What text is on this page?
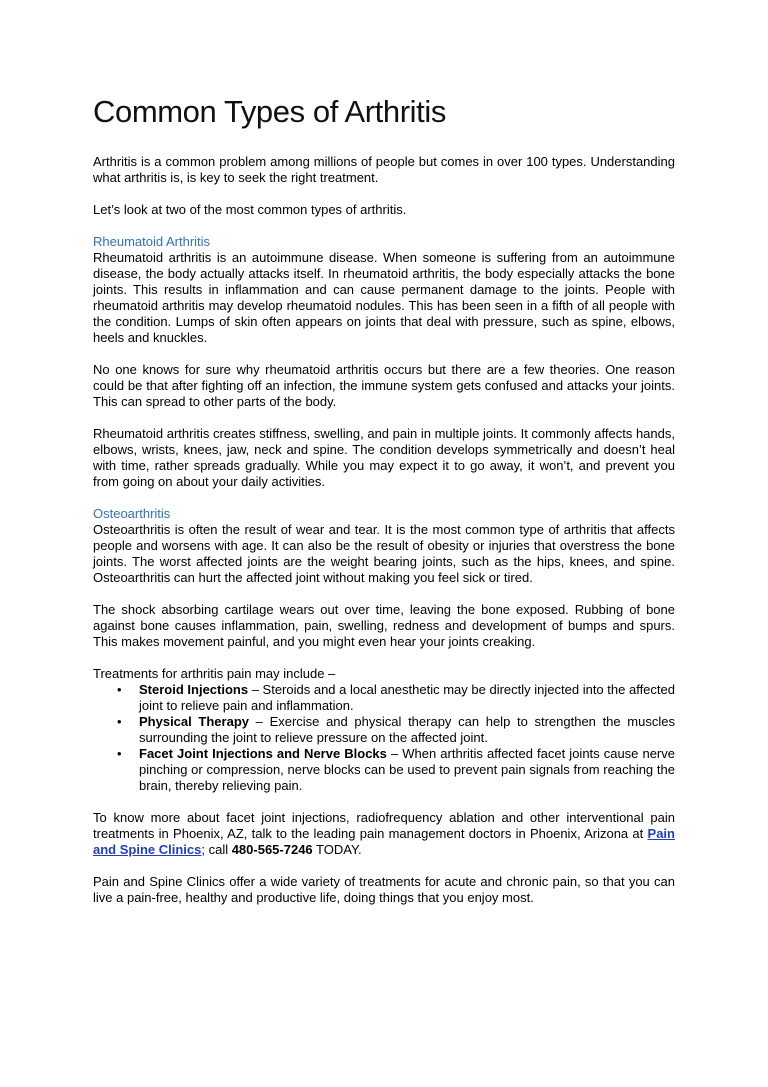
Common Types of Arthritis

Arthritis is a common problem among millions of people but comes in over 100 types. Understanding what arthritis is, is key to seek the right treatment.

Let’s look at two of the most common types of arthritis.

Rheumatoid Arthritis

Rheumatoid arthritis is an autoimmune disease. When someone is suffering from an autoimmune disease, the body actually attacks itself. In rheumatoid arthritis, the body especially attacks the bone joints. This results in inflammation and can cause permanent damage to the joints. People with rheumatoid arthritis may develop rheumatoid nodules. This has been seen in a fifth of all people with the condition. Lumps of skin often appears on joints that deal with pressure, such as spine, elbows, heels and knuckles.

No one knows for sure why rheumatoid arthritis occurs but there are a few theories. One reason could be that after fighting off an infection, the immune system gets confused and attacks your joints. This can spread to other parts of the body.

Rheumatoid arthritis creates stiffness, swelling, and pain in multiple joints. It commonly affects hands, elbows, wrists, knees, jaw, neck and spine. The condition develops symmetrically and doesn’t heal with time, rather spreads gradually. While you may expect it to go away, it won’t, and prevent you from going on about your daily activities.

Osteoarthritis

Osteoarthritis is often the result of wear and tear. It is the most common type of arthritis that affects people and worsens with age. It can also be the result of obesity or injuries that overstress the bone joints. The worst affected joints are the weight bearing joints, such as the hips, knees, and spine. Osteoarthritis can hurt the affected joint without making you feel sick or tired.

The shock absorbing cartilage wears out over time, leaving the bone exposed. Rubbing of bone against bone causes inflammation, pain, swelling, redness and development of bumps and spurs. This makes movement painful, and you might even hear your joints creaking.

Treatments for arthritis pain may include –

• Steroid Injections – Steroids and a local anesthetic may be directly injected into the affected joint to relieve pain and inflammation.
• Physical Therapy – Exercise and physical therapy can help to strengthen the muscles surrounding the joint to relieve pressure on the affected joint.
• Facet Joint Injections and Nerve Blocks – When arthritis affected facet joints cause nerve pinching or compression, nerve blocks can be used to prevent pain signals from reaching the brain, thereby relieving pain.

To know more about facet joint injections, radiofrequency ablation and other interventional pain treatments in Phoenix, AZ, talk to the leading pain management doctors in Phoenix, Arizona at Pain and Spine Clinics; call 480-565-7246 TODAY.

Pain and Spine Clinics offer a wide variety of treatments for acute and chronic pain, so that you can live a pain-free, healthy and productive life, doing things that you enjoy most.
